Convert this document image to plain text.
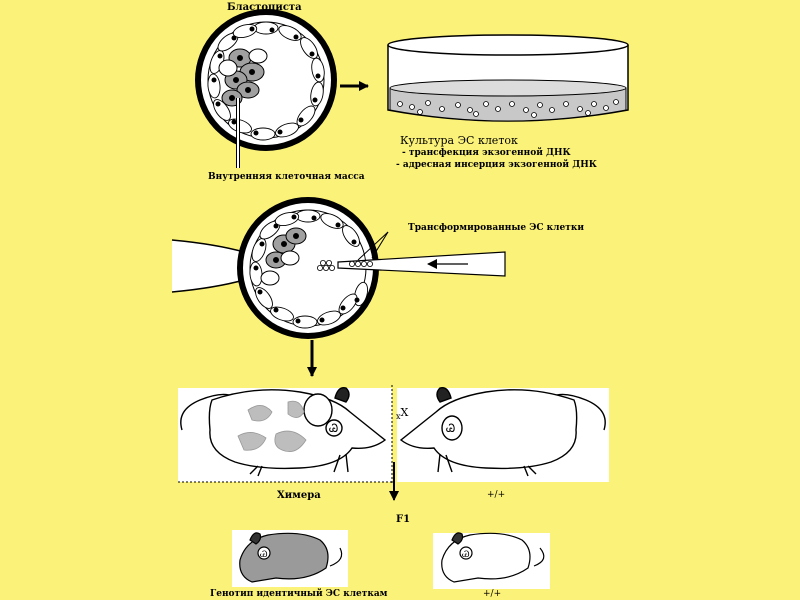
Ꮚ	Ꮚ
Ꮚ	Ꮚ
Бластоциста
Внутренняя клеточная масса
Культура ЭС клеток
- трансфекция экзогенной ДНК
- адресная инсерция экзогенной ДНК
Трансформированные ЭС клетки
$_x$X
Химера	+/+
F1
Генотип идентичный ЭС клеткам	+/+
